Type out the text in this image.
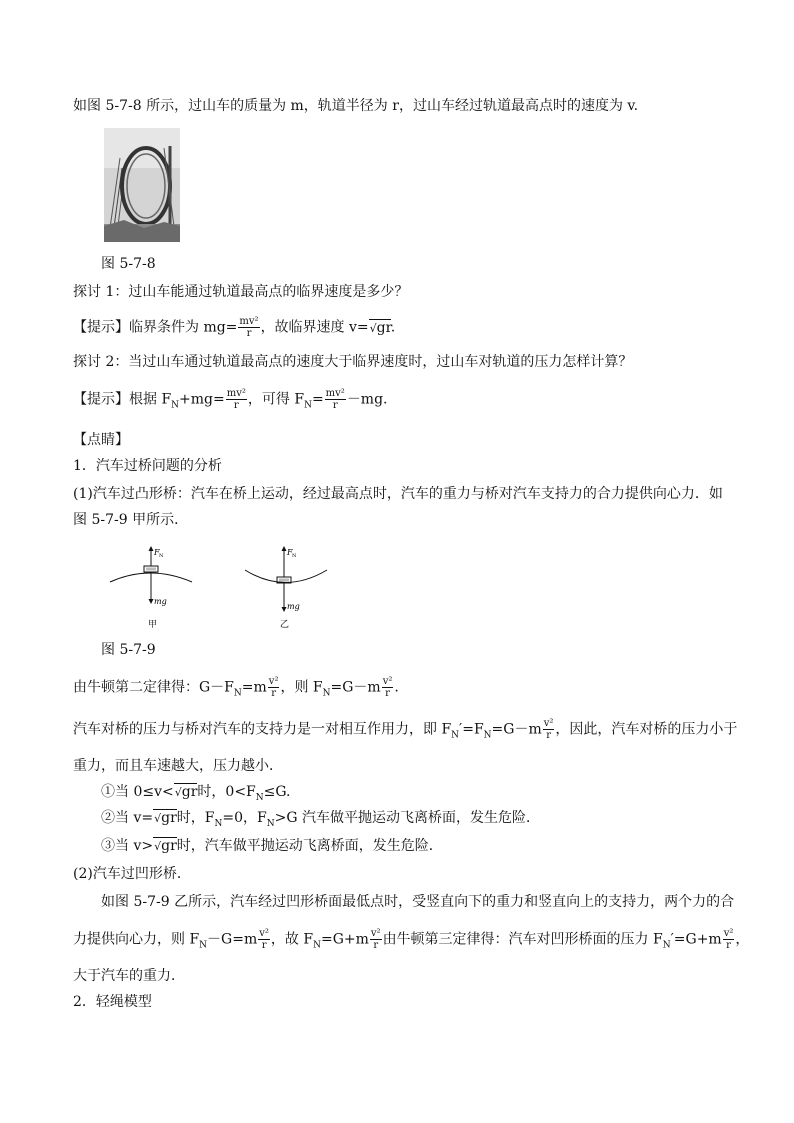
如图 5-7-8 所示，过山车的质量为 m，轨道半径为 r，过山车经过轨道最高点时的速度为 v.
图 5-7-8
探讨 1：过山车能通过轨道最高点的临界速度是多少？
【提示】临界条件为 $mg= \frac{\text{mv²}}{r}$ ，故临界速度 v=√gr.
探讨 2：当过山车通过轨道最高点的速度大于临界速度时，过山车对轨道的压力怎样计算？
【提示】根据 $F_N+mg= \frac{\text{mv²}}{r}$ ，可得 $F_N= \frac{\text{mv²}}{r} -mg$.
【点睛】
1．汽车过桥问题的分析
(1)汽车过凸形桥：汽车在桥上运动，经过最高点时，汽车的重力与桥对汽车支持力的合力提供向心力．如
图 5-7-9 甲所示．
F N
mg
甲
F N
mg
乙
图 5-7-9
由牛顿第二定律得：$G-F_N=m \frac{\text{v²}}{r}$ ，则 $F_N=G-m \frac{\text{v²}}{r}$ .
汽车对桥的压力与桥对汽车的支持力是一对相互作用力，即 $F_N'=F_N=G-m \frac{\text{v²}}{r}$ ，因此，汽车对桥的压力小于
重力，而且车速越大，压力越小．
①当 0≤v<√gr时，$0<F_N\le G$.
②当 v=√gr时，$F_N=0$，$F_N>G$ 汽车做平抛运动飞离桥面，发生危险．
③当 v>√gr时，汽车做平抛运动飞离桥面，发生危险．
(2)汽车过凹形桥．
如图 5-7-9 乙所示，汽车经过凹形桥面最低点时，受竖直向下的重力和竖直向上的支持力，两个力的合
力提供向心力，则 $F_N-G=m \frac{\text{v²}}{r}$ ，故 $F_N=G+m \frac{\text{v²}}{r}$ 由牛顿第三定律得：汽车对凹形桥面的压力 $F_N'=G+m \frac{\text{v²}}{r}$ ，
大于汽车的重力．
2．轻绳模型
